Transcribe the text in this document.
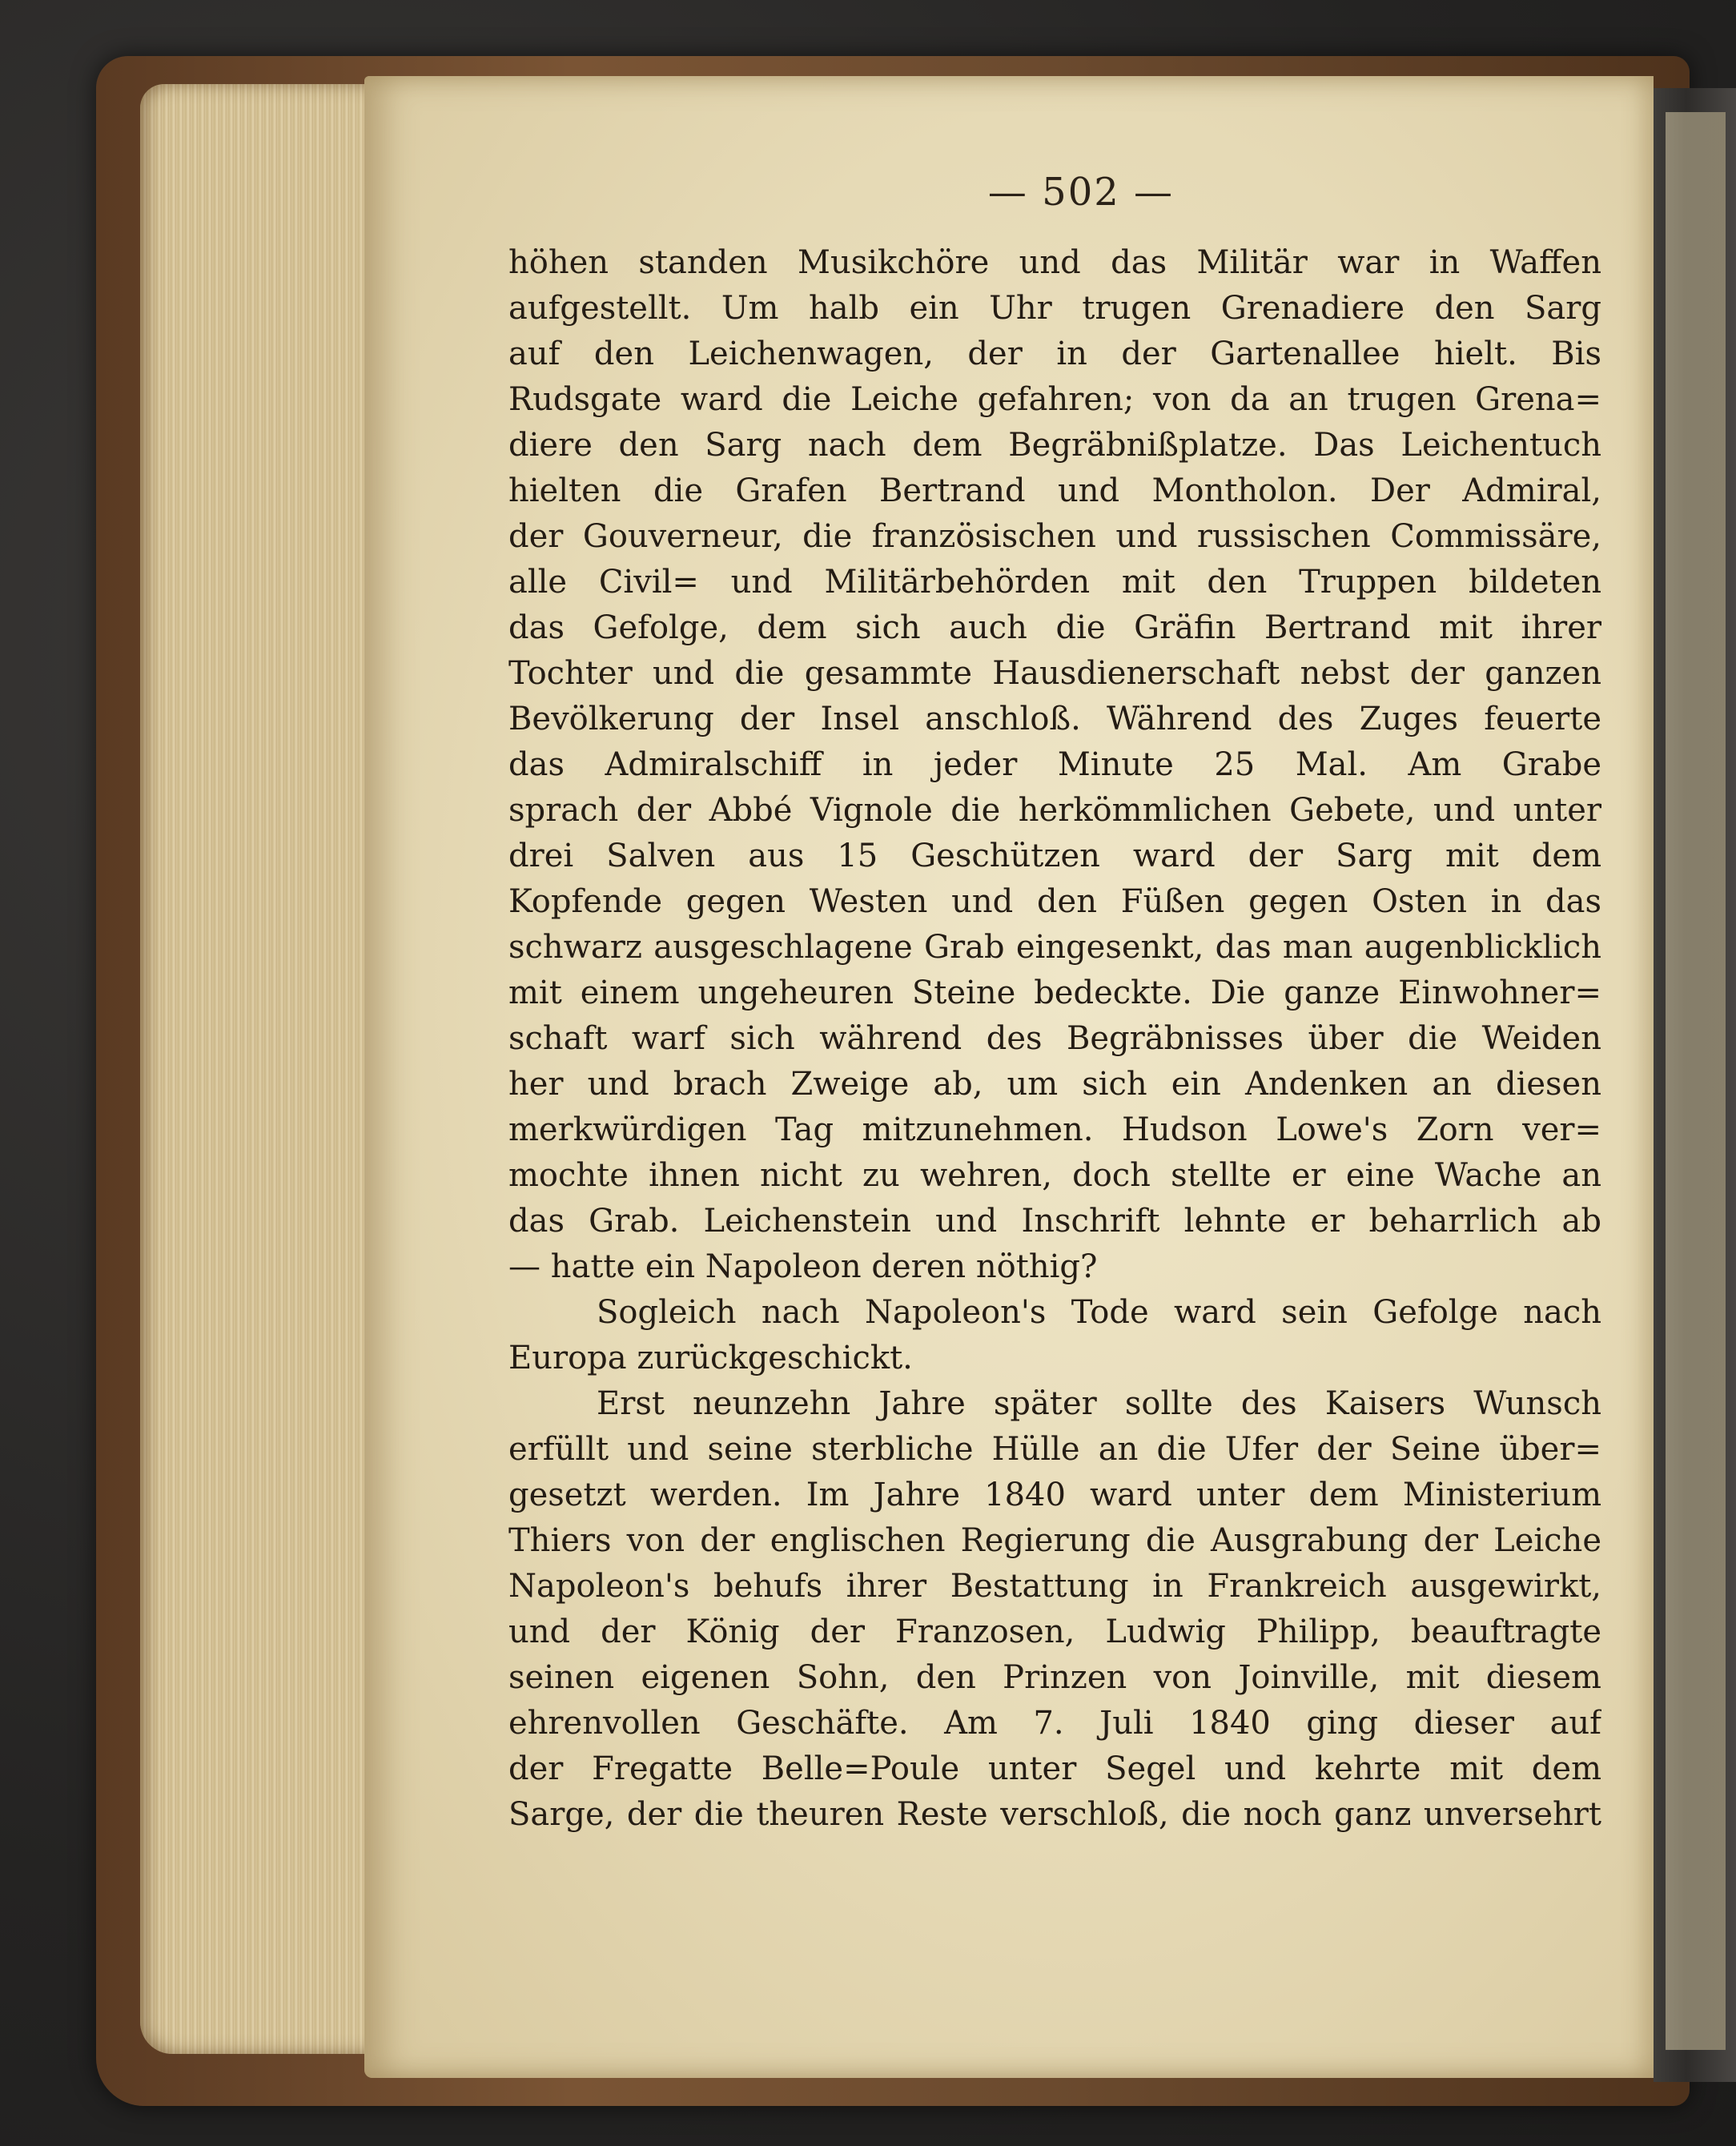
— 502 —
höhen standen Musikchöre und das Militär war in Waffen
aufgestellt. Um halb ein Uhr trugen Grenadiere den Sarg
auf den Leichenwagen, der in der Gartenallee hielt. Bis
Rudsgate ward die Leiche gefahren; von da an trugen Grena=
diere den Sarg nach dem Begräbnißplatze. Das Leichentuch
hielten die Grafen Bertrand und Montholon. Der Admiral,
der Gouverneur, die französischen und russischen Commissäre,
alle Civil= und Militärbehörden mit den Truppen bildeten
das Gefolge, dem sich auch die Gräfin Bertrand mit ihrer
Tochter und die gesammte Hausdienerschaft nebst der ganzen
Bevölkerung der Insel anschloß. Während des Zuges feuerte
das Admiralschiff in jeder Minute 25 Mal. Am Grabe
sprach der Abbé Vignole die herkömmlichen Gebete, und unter
drei Salven aus 15 Geschützen ward der Sarg mit dem
Kopfende gegen Westen und den Füßen gegen Osten in das
schwarz ausgeschlagene Grab eingesenkt, das man augenblicklich
mit einem ungeheuren Steine bedeckte. Die ganze Einwohner=
schaft warf sich während des Begräbnisses über die Weiden
her und brach Zweige ab, um sich ein Andenken an diesen
merkwürdigen Tag mitzunehmen. Hudson Lowe's Zorn ver=
mochte ihnen nicht zu wehren, doch stellte er eine Wache an
das Grab. Leichenstein und Inschrift lehnte er beharrlich ab
— hatte ein Napoleon deren nöthig?
Sogleich nach Napoleon's Tode ward sein Gefolge nach
Europa zurückgeschickt.
Erst neunzehn Jahre später sollte des Kaisers Wunsch
erfüllt und seine sterbliche Hülle an die Ufer der Seine über=
gesetzt werden. Im Jahre 1840 ward unter dem Ministerium
Thiers von der englischen Regierung die Ausgrabung der Leiche
Napoleon's behufs ihrer Bestattung in Frankreich ausgewirkt,
und der König der Franzosen, Ludwig Philipp, beauftragte
seinen eigenen Sohn, den Prinzen von Joinville, mit diesem
ehrenvollen Geschäfte. Am 7. Juli 1840 ging dieser auf
der Fregatte Belle=Poule unter Segel und kehrte mit dem
Sarge, der die theuren Reste verschloß, die noch ganz unversehrt
